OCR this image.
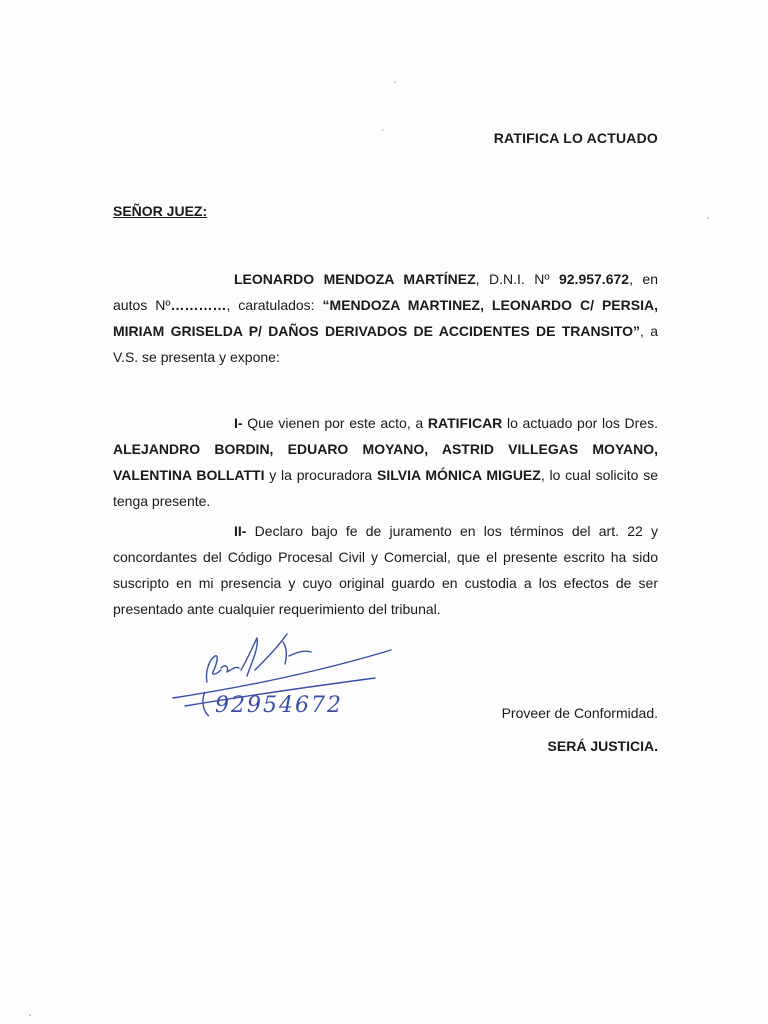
RATIFICA LO ACTUADO
SEÑOR JUEZ:
LEONARDO MENDOZA MARTÍNEZ, D.N.I. Nº 92.957.672, en autos Nº…………, caratulados: “MENDOZA MARTINEZ, LEONARDO C/ PERSIA, MIRIAM GRISELDA P/ DAÑOS DERIVADOS DE ACCIDENTES DE TRANSITO”, a V.S. se presenta y expone:
I- Que vienen por este acto, a RATIFICAR lo actuado por los Dres. ALEJANDRO BORDIN, EDUARO MOYANO, ASTRID VILLEGAS MOYANO, VALENTINA BOLLATTI y la procuradora SILVIA MÓNICA MIGUEZ, lo cual solicito se tenga presente.
II- Declaro bajo fe de juramento en los términos del art. 22 y concordantes del Código Procesal Civil y Comercial, que el presente escrito ha sido suscripto en mi presencia y cuyo original guardo en custodia a los efectos de ser presentado ante cualquier requerimiento del tribunal.
92954672	Proveer de Conformidad.
SERÁ JUSTICIA.
